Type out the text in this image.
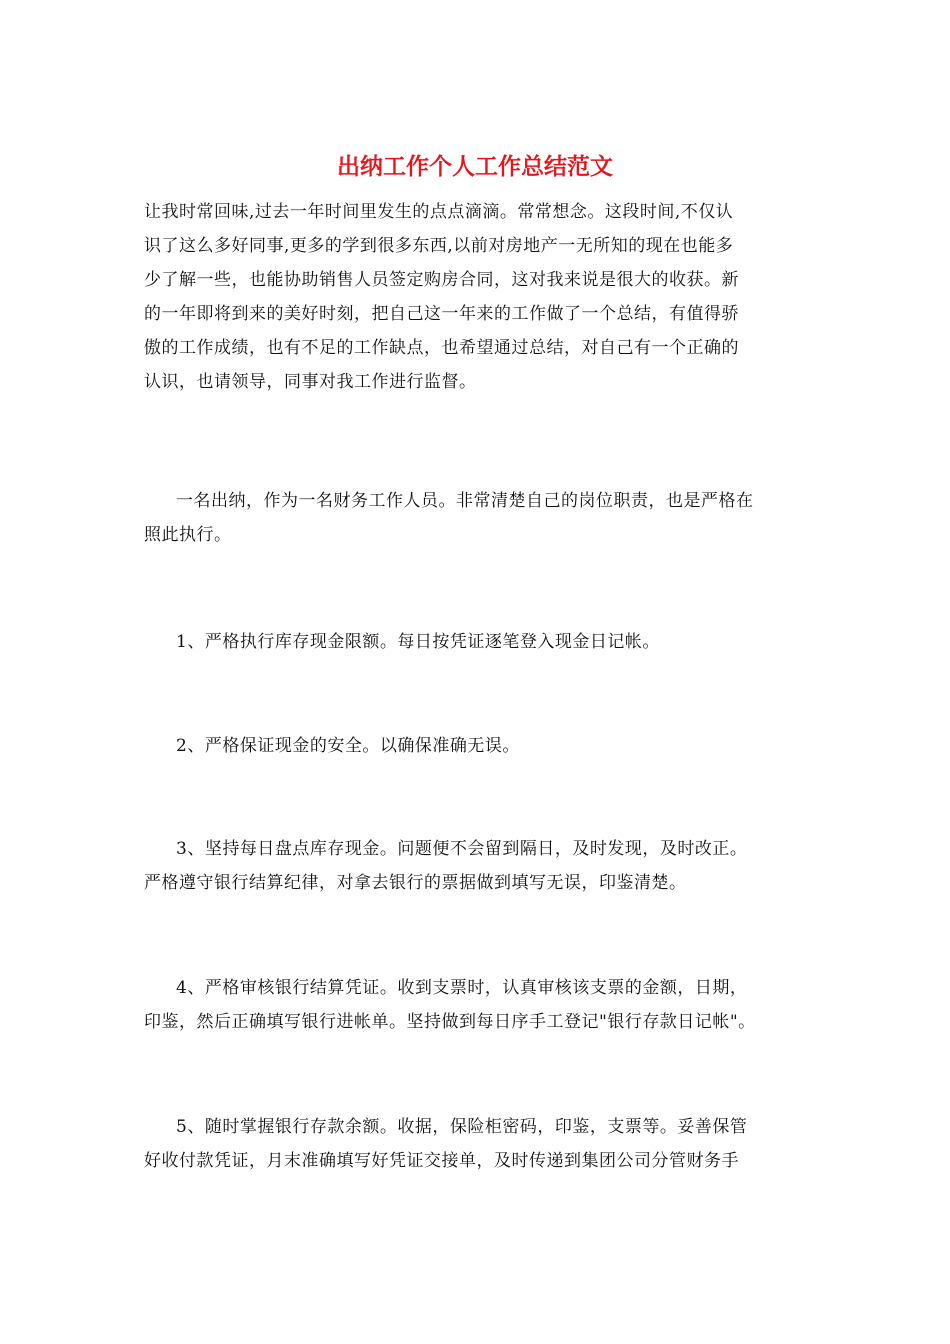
出纳工作个人工作总结范文
让我时常回味,过去一年时间里发生的点点滴滴。常常想念。这段时间,不仅认
识了这么多好同事,更多的学到很多东西,以前对房地产一无所知的现在也能多
少了解一些，也能协助销售人员签定购房合同，这对我来说是很大的收获。新
的一年即将到来的美好时刻，把自己这一年来的工作做了一个总结，有值得骄
傲的工作成绩，也有不足的工作缺点，也希望通过总结，对自己有一个正确的
认识，也请领导，同事对我工作进行监督。
一名出纳，作为一名财务工作人员。非常清楚自己的岗位职责，也是严格在
照此执行。
1、严格执行库存现金限额。每日按凭证逐笔登入现金日记帐。
2、严格保证现金的安全。以确保准确无误。
3、坚持每日盘点库存现金。问题便不会留到隔日，及时发现，及时改正。
严格遵守银行结算纪律，对拿去银行的票据做到填写无误，印鉴清楚。
4、严格审核银行结算凭证。收到支票时，认真审核该支票的金额，日期，
印鉴，然后正确填写银行进帐单。坚持做到每日序手工登记"银行存款日记帐"。
5、随时掌握银行存款余额。收据，保险柜密码，印鉴，支票等。妥善保管
好收付款凭证，月末准确填写好凭证交接单，及时传递到集团公司分管财务手
